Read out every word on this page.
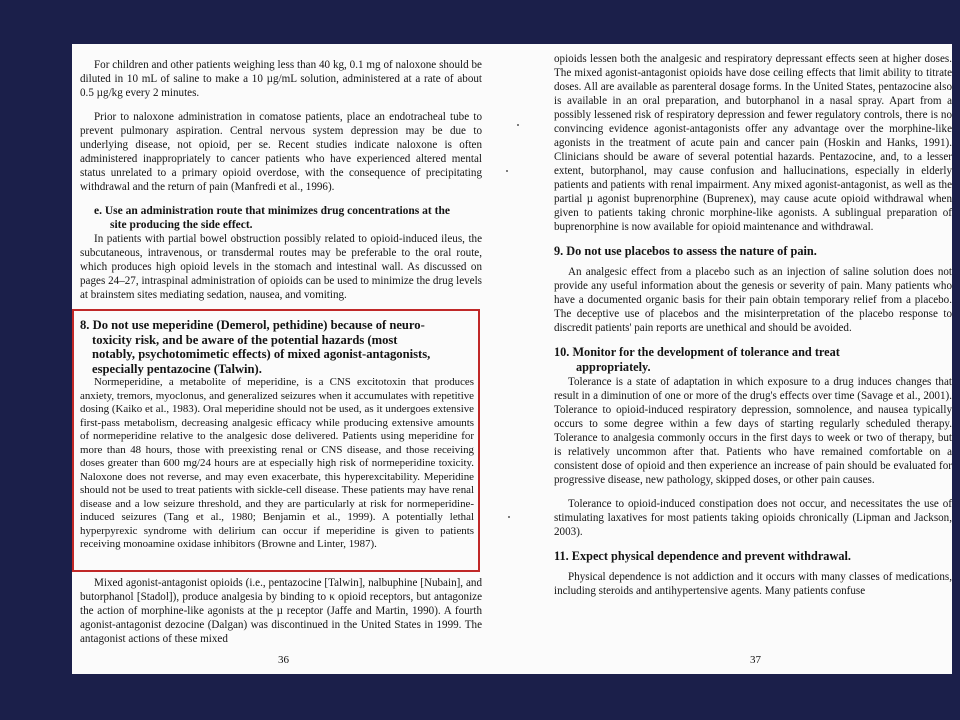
For children and other patients weighing less than 40 kg, 0.1 mg of naloxone should be diluted in 10 mL of saline to make a 10 µg/mL solution, administered at a rate of about 0.5 µg/kg every 2 minutes.

Prior to naloxone administration in comatose patients, place an endotracheal tube to prevent pulmonary aspiration. Central nervous system depression may be due to underlying disease, not opioid, per se. Recent studies indicate naloxone is often administered inappropriately to cancer patients who have experienced altered mental status unrelated to a primary opioid overdose, with the consequence of precipitating withdrawal and the return of pain (Manfredi et al., 1996).

e. Use an administration route that minimizes drug concentrations at the
site producing the side effect.

In patients with partial bowel obstruction possibly related to opioid-induced ileus, the subcutaneous, intravenous, or transdermal routes may be preferable to the oral route, which produces high opioid levels in the stomach and intestinal wall. As discussed on pages 24–27, intraspinal administration of opioids can be used to minimize the drug levels at brainstem sites mediating sedation, nausea, and vomiting.

8. Do not use meperidine (Demerol, pethidine) because of neuro-
toxicity risk, and be aware of the potential hazards (most
notably, psychotomimetic effects) of mixed agonist-antagonists,
especially pentazocine (Talwin).

Normeperidine, a metabolite of meperidine, is a CNS excitotoxin that produces anxiety, tremors, myoclonus, and generalized seizures when it accumulates with repetitive dosing (Kaiko et al., 1983). Oral meperidine should not be used, as it undergoes extensive first-pass metabolism, decreasing analgesic efficacy while producing extensive amounts of normeperidine relative to the analgesic dose delivered. Patients using meperidine for more than 48 hours, those with preexisting renal or CNS disease, and those receiving doses greater than 600 mg/24 hours are at especially high risk of normeperidine toxicity. Naloxone does not reverse, and may even exacerbate, this hyperexcitability. Meperidine should not be used to treat patients with sickle-cell disease. These patients may have renal disease and a low seizure threshold, and they are particularly at risk for normeperidine-induced seizures (Tang et al., 1980; Benjamin et al., 1999). A potentially lethal hyperpyrexic syndrome with delirium can occur if meperidine is given to patients receiving monoamine oxidase inhibitors (Browne and Linter, 1987).

Mixed agonist-antagonist opioids (i.e., pentazocine [Talwin], nalbuphine [Nubain], and butorphanol [Stadol]), produce analgesia by binding to κ opioid receptors, but antagonize the action of morphine-like agonists at the µ receptor (Jaffe and Martin, 1990). A fourth agonist-antagonist dezocine (Dalgan) was discontinued in the United States in 1999. The antagonist actions of these mixed

36

opioids lessen both the analgesic and respiratory depressant effects seen at higher doses. The mixed agonist-antagonist opioids have dose ceiling effects that limit ability to titrate doses. All are available as parenteral dosage forms. In the United States, pentazocine also is available in an oral preparation, and butorphanol in a nasal spray. Apart from a possibly lessened risk of respiratory depression and fewer regulatory controls, there is no convincing evidence agonist-antagonists offer any advantage over the morphine-like agonists in the treatment of acute pain and cancer pain (Hoskin and Hanks, 1991). Clinicians should be aware of several potential hazards. Pentazocine, and, to a lesser extent, butorphanol, may cause confusion and hallucinations, especially in elderly patients and patients with renal impairment. Any mixed agonist-antagonist, as well as the partial µ agonist buprenorphine (Buprenex), may cause acute opioid withdrawal when given to patients taking chronic morphine-like agonists. A sublingual preparation of buprenorphine is now available for opioid maintenance and withdrawal.

9. Do not use placebos to assess the nature of pain.

An analgesic effect from a placebo such as an injection of saline solution does not provide any useful information about the genesis or severity of pain. Many patients who have a documented organic basis for their pain obtain temporary relief from a placebo. The deceptive use of placebos and the misinterpretation of the placebo response to discredit patients' pain reports are unethical and should be avoided.

10. Monitor for the development of tolerance and treat
appropriately.

Tolerance is a state of adaptation in which exposure to a drug induces changes that result in a diminution of one or more of the drug's effects over time (Savage et al., 2001). Tolerance to opioid-induced respiratory depression, somnolence, and nausea typically occurs to some degree within a few days of starting regularly scheduled therapy. Tolerance to analgesia commonly occurs in the first days to week or two of therapy, but is relatively uncommon after that. Patients who have remained comfortable on a consistent dose of opioid and then experience an increase of pain should be evaluated for progressive disease, new pathology, skipped doses, or other pain causes.

Tolerance to opioid-induced constipation does not occur, and necessitates the use of stimulating laxatives for most patients taking opioids chronically (Lipman and Jackson, 2003).

11. Expect physical dependence and prevent withdrawal.

Physical dependence is not addiction and it occurs with many classes of medications, including steroids and antihypertensive agents. Many patients confuse

37
